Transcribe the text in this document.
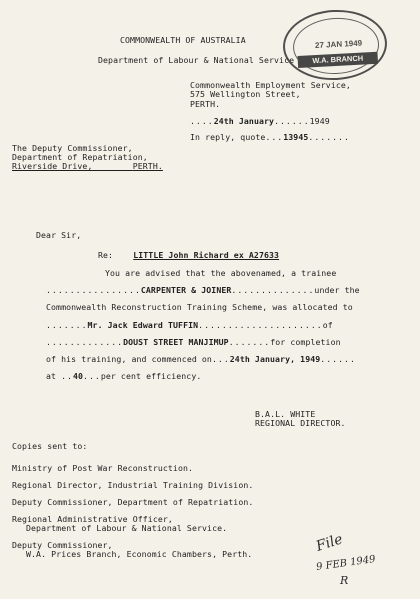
COMMONWEALTH OF AUSTRALIA
Department of Labour & National Service
27 JAN 1949
W.A. BRANCH
Commonwealth Employment Service,
575 Wellington Street,
PERTH.
....24th January......1949
In reply, quote...13945.......
The Deputy Commissioner,
Department of Repatriation,
Riverside Drive,	PERTH.
Dear Sir,
Re: LITTLE John Richard ex A27633
You are advised that the abovenamed, a trainee
................CARPENTER & JOINER..............under the
Commonwealth Reconstruction Training Scheme, was allocated to
.......Mr. Jack Edward TUFFIN.....................of
.............DOUST STREET MANJIMUP.......for completion
of his training, and commenced on...24th January, 1949......
at ..40...per cent efficiency.
B.A.L. WHITE
REGIONAL DIRECTOR.
Copies sent to:
Ministry of Post War Reconstruction.
Regional Director, Industrial Training Division.
Deputy Commissioner, Department of Repatriation.
Regional Administrative Officer,
Department of Labour & National Service.
Deputy Commissioner,
W.A. Prices Branch, Economic Chambers, Perth.	File
9 FEB 1949
R
